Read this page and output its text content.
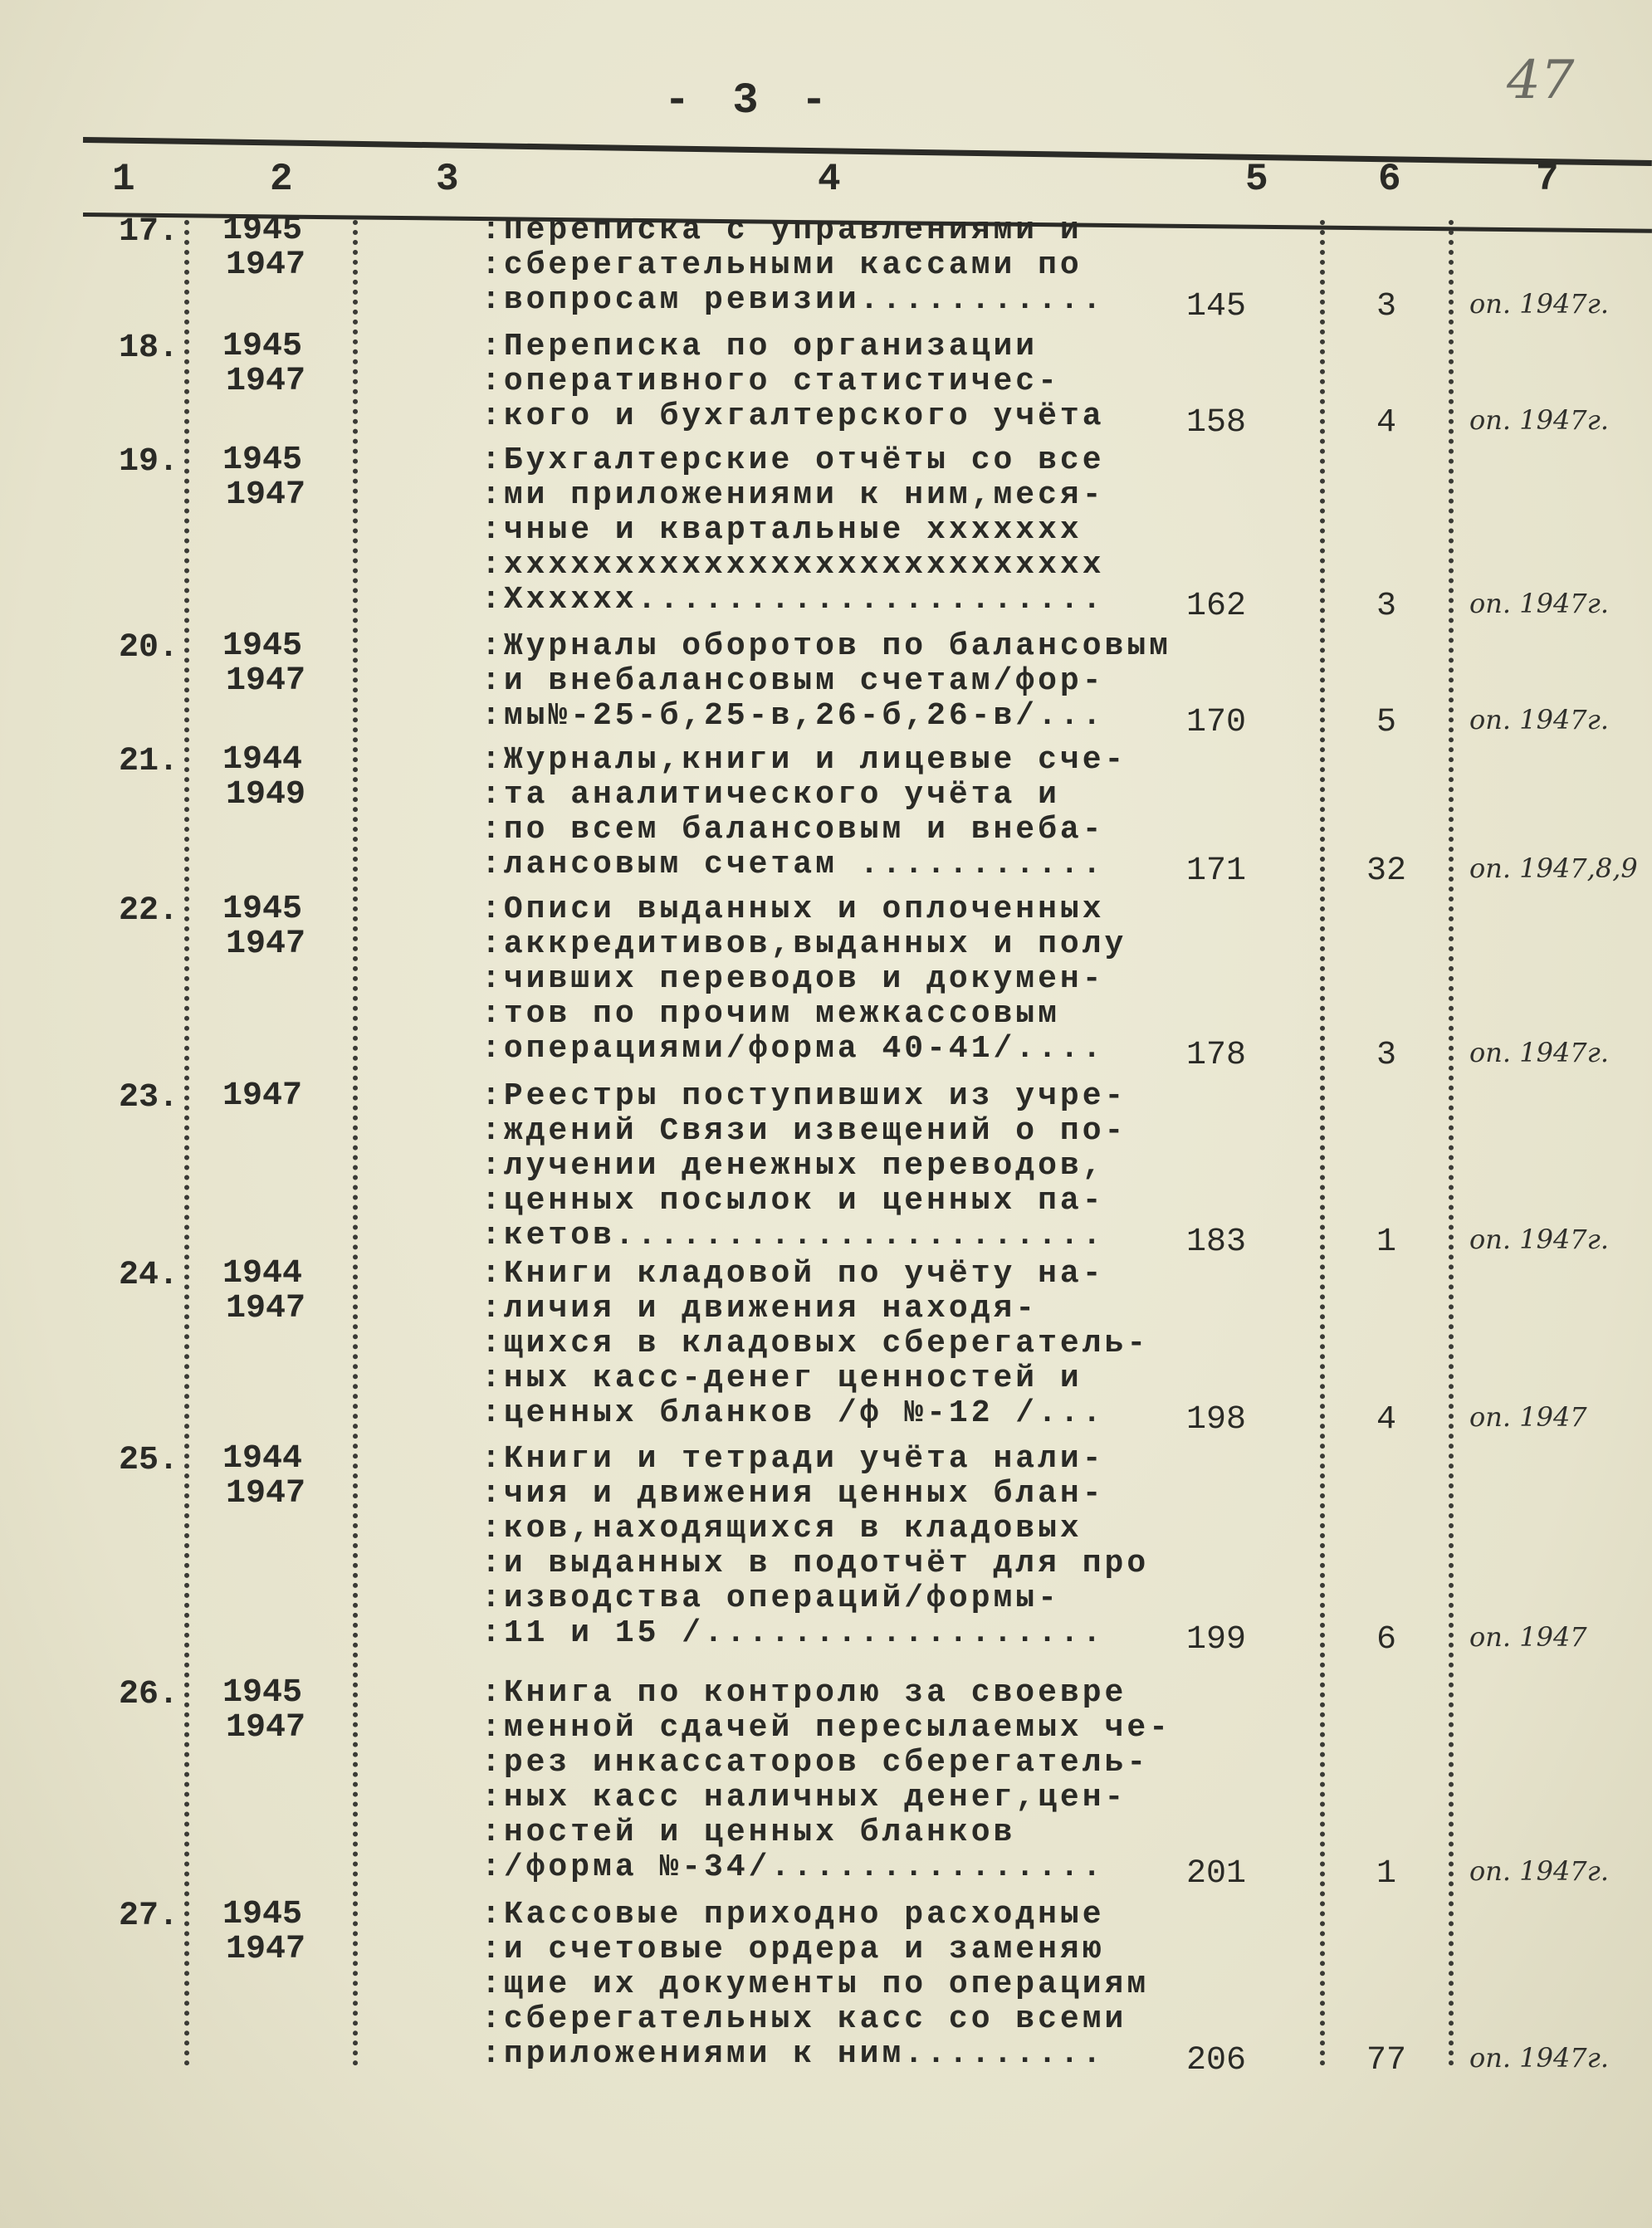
- 3 -	47
1	2	3	4	5	6	7
17. 1945
1947
: Переписка с управлениями и
: сберегательными кассами по
: вопросам ревизии...........	145	3	оп. 1947г.
18. 1945
1947
: Переписка по организации
: оперативного статистичес-
: кого и бухгалтерского учёта	158	4	оп. 1947г.
19. 1945
1947
: Бухгалтерские отчёты со все
: ми приложениями к ним,меся-
: чные и квартальные ххххххх
: ххххххххххххххххххххххххххх
: Хххххх.....................	162	3	оп. 1947г.
20. 1945
1947
: Журналы оборотов по балансовым
: и внебалансовым счетам/фор-
: мы№-25-б,25-в,26-б,26-в/...	170	5	оп. 1947г.
21. 1944
1949
: Журналы,книги и лицевые сче-
: та аналитического учёта и
: по всем балансовым и внеба-
: лансовым счетам ...........	171	32	оп. 1947,8,9
22. 1945
1947
: Описи выданных и оплоченных
: аккредитивов,выданных и полу
: чивших переводов и докумен-
: тов по прочим межкассовым
: операциями/форма 40-41/....	178	3	оп. 1947г.
23. 1947	: Реестры поступивших из учре-
: ждений Связи извещений о по-
: лучении денежных переводов,
: ценных посылок и ценных па-
: кетов......................	183	1	оп. 1947г.
24. 1944
1947
: Книги кладовой по учёту на-
: личия и движения находя-
: щихся в кладовых сберегатель-
: ных касс-денег ценностей и
: ценных бланков /ф №-12 /...	198	4	оп. 1947
25. 1944
1947
: Книги и тетради учёта нали-
: чия и движения ценных блан-
: ков,находящихся в кладовых
: и выданных в подотчёт для про
: изводства операций/формы-
: 11 и 15 /..................	199	6	оп. 1947
26. 1945
1947
: Книга по контролю за своевре
: менной сдачей пересылаемых че-
: рез инкассаторов сберегатель-
: ных касс наличных денег,цен-
: ностей и ценных бланков
: /форма №-34/...............	201	1	оп. 1947г.
27. 1945
1947
: Кассовые приходно расходные
: и счетовые ордера и заменяю
: щие их документы по операциям
: сберегательных касс со всеми
: приложениями к ним.........	206	77	оп. 1947г.
